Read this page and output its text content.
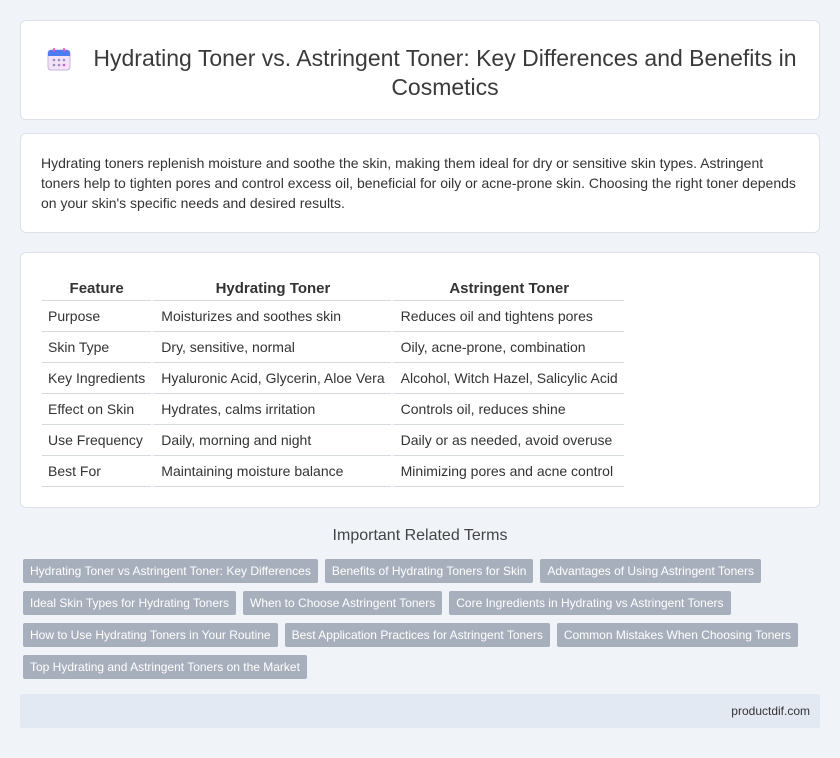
Hydrating Toner vs. Astringent Toner: Key Differences and Benefits in Cosmetics

Hydrating toners replenish moisture and soothe the skin, making them ideal for dry or sensitive skin types. Astringent toners help to tighten pores and control excess oil, beneficial for oily or acne-prone skin. Choosing the right toner depends on your skin's specific needs and desired results.

Feature	Hydrating Toner	Astringent Toner
Purpose	Moisturizes and soothes skin	Reduces oil and tightens pores
Skin Type	Dry, sensitive, normal	Oily, acne-prone, combination
Key Ingredients	Hyaluronic Acid, Glycerin, Aloe Vera	Alcohol, Witch Hazel, Salicylic Acid
Effect on Skin	Hydrates, calms irritation	Controls oil, reduces shine
Use Frequency	Daily, morning and night	Daily or as needed, avoid overuse
Best For	Maintaining moisture balance	Minimizing pores and acne control
Important Related Terms
Hydrating Toner vs Astringent Toner: Key Differences	Benefits of Hydrating Toners for Skin	Advantages of Using Astringent Toners
Ideal Skin Types for Hydrating Toners	When to Choose Astringent Toners	Core Ingredients in Hydrating vs Astringent Toners
How to Use Hydrating Toners in Your Routine	Best Application Practices for Astringent Toners	Common Mistakes When Choosing Toners
Top Hydrating and Astringent Toners on the Market
productdif.com
